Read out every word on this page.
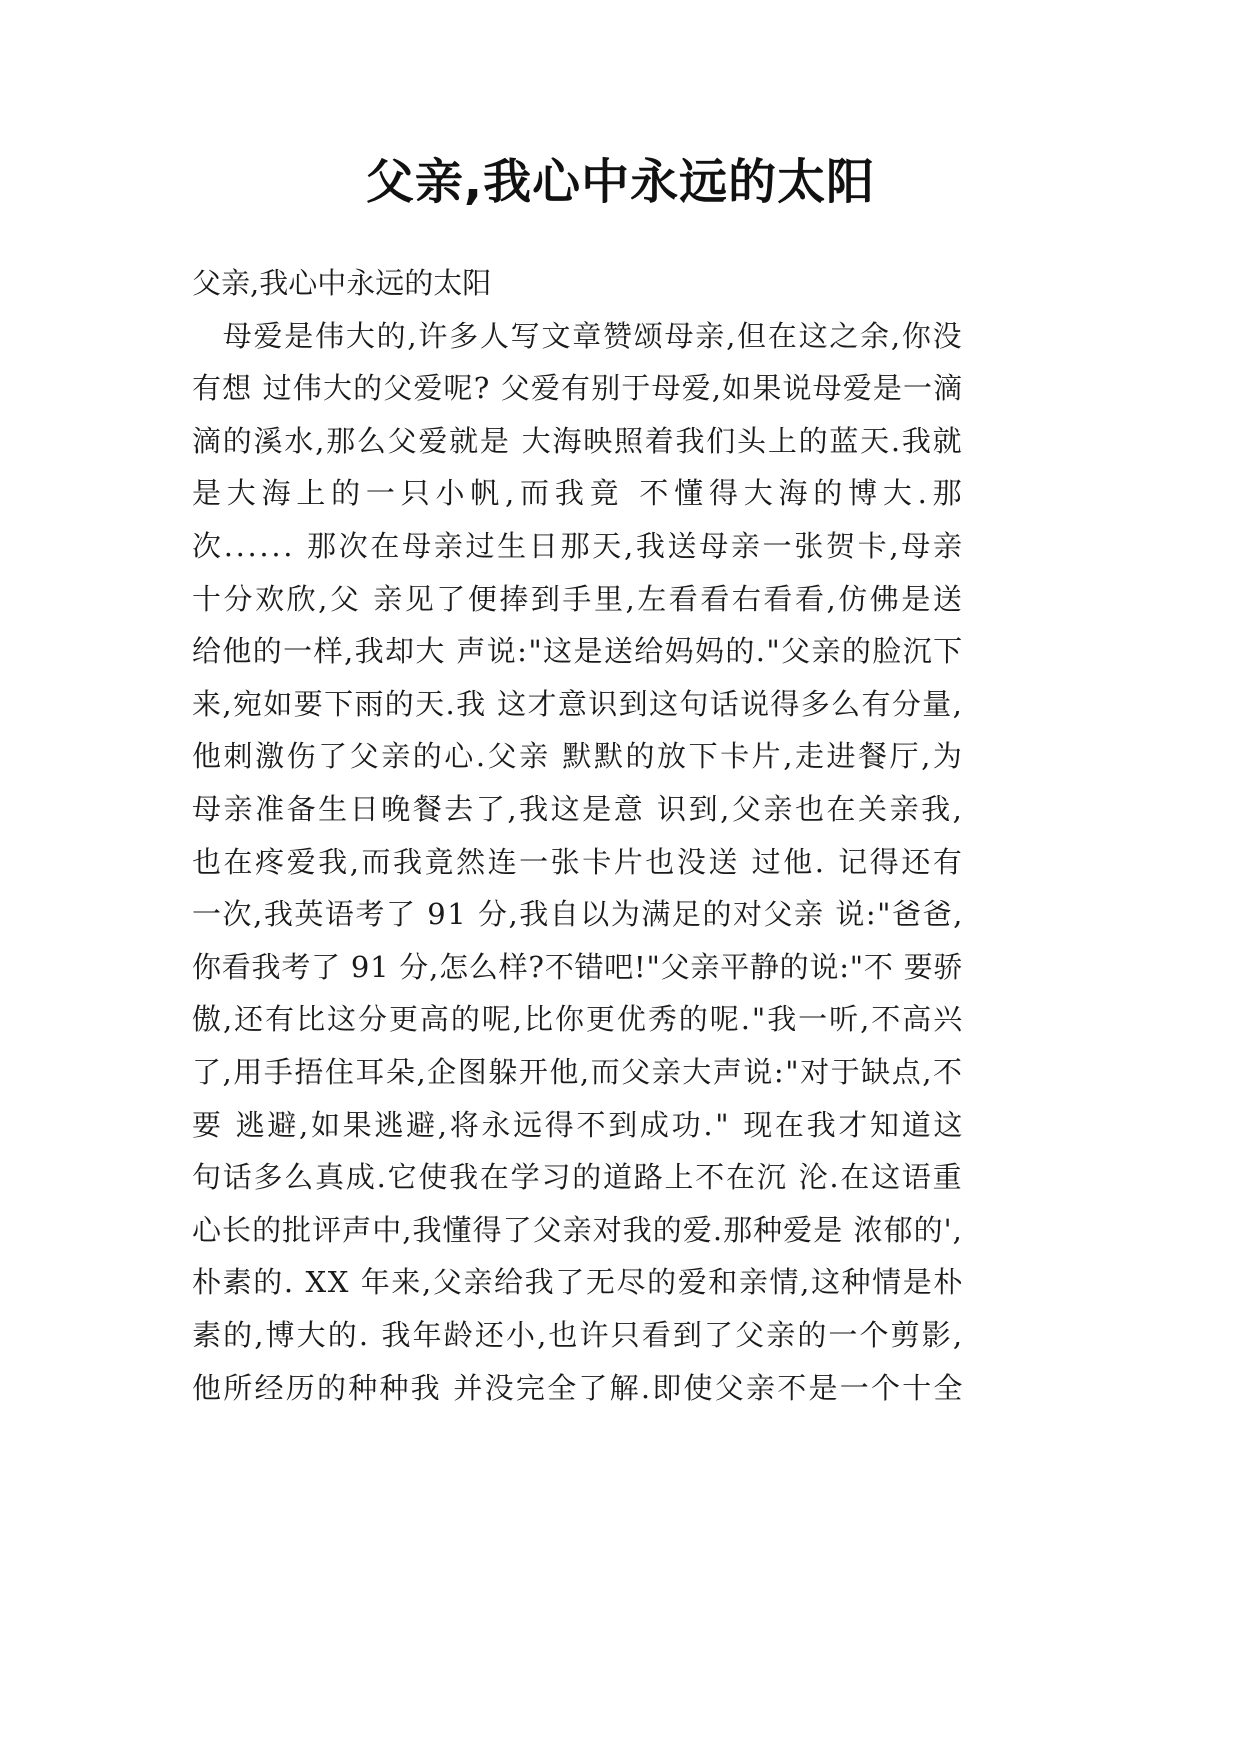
父亲,我心中永远的太阳
父亲,我心中永远的太阳
　母爱是伟大的,许多人写文章赞颂母亲,但在这之余,你没
有想 过伟大的父爱呢? 父爱有别于母爱,如果说母爱是一滴
滴的溪水,那么父爱就是 大海映照着我们头上的蓝天.我就
是大海上的一只小帆,而我竟 不懂得大海的博大.那
次...... 那次在母亲过生日那天,我送母亲一张贺卡,母亲
十分欢欣,父 亲见了便捧到手里,左看看右看看,仿佛是送
给他的一样,我却大 声说:"这是送给妈妈的."父亲的脸沉下
来,宛如要下雨的天.我 这才意识到这句话说得多么有分量,
他刺激伤了父亲的心.父亲 默默的放下卡片,走进餐厅,为
母亲准备生日晚餐去了,我这是意 识到,父亲也在关亲我,
也在疼爱我,而我竟然连一张卡片也没送 过他. 记得还有
一次,我英语考了 91 分,我自以为满足的对父亲 说:"爸爸,
你看我考了 91 分,怎么样?不错吧!"父亲平静的说:"不 要骄
傲,还有比这分更高的呢,比你更优秀的呢."我一听,不高兴
了,用手捂住耳朵,企图躲开他,而父亲大声说:"对于缺点,不
要 逃避,如果逃避,将永远得不到成功." 现在我才知道这
句话多么真成.它使我在学习的道路上不在沉 沦.在这语重
心长的批评声中,我懂得了父亲对我的爱.那种爱是 浓郁的',
朴素的. XX 年来,父亲给我了无尽的爱和亲情,这种情是朴
素的,博大的. 我年龄还小,也许只看到了父亲的一个剪影,
他所经历的种种我 并没完全了解.即使父亲不是一个十全
